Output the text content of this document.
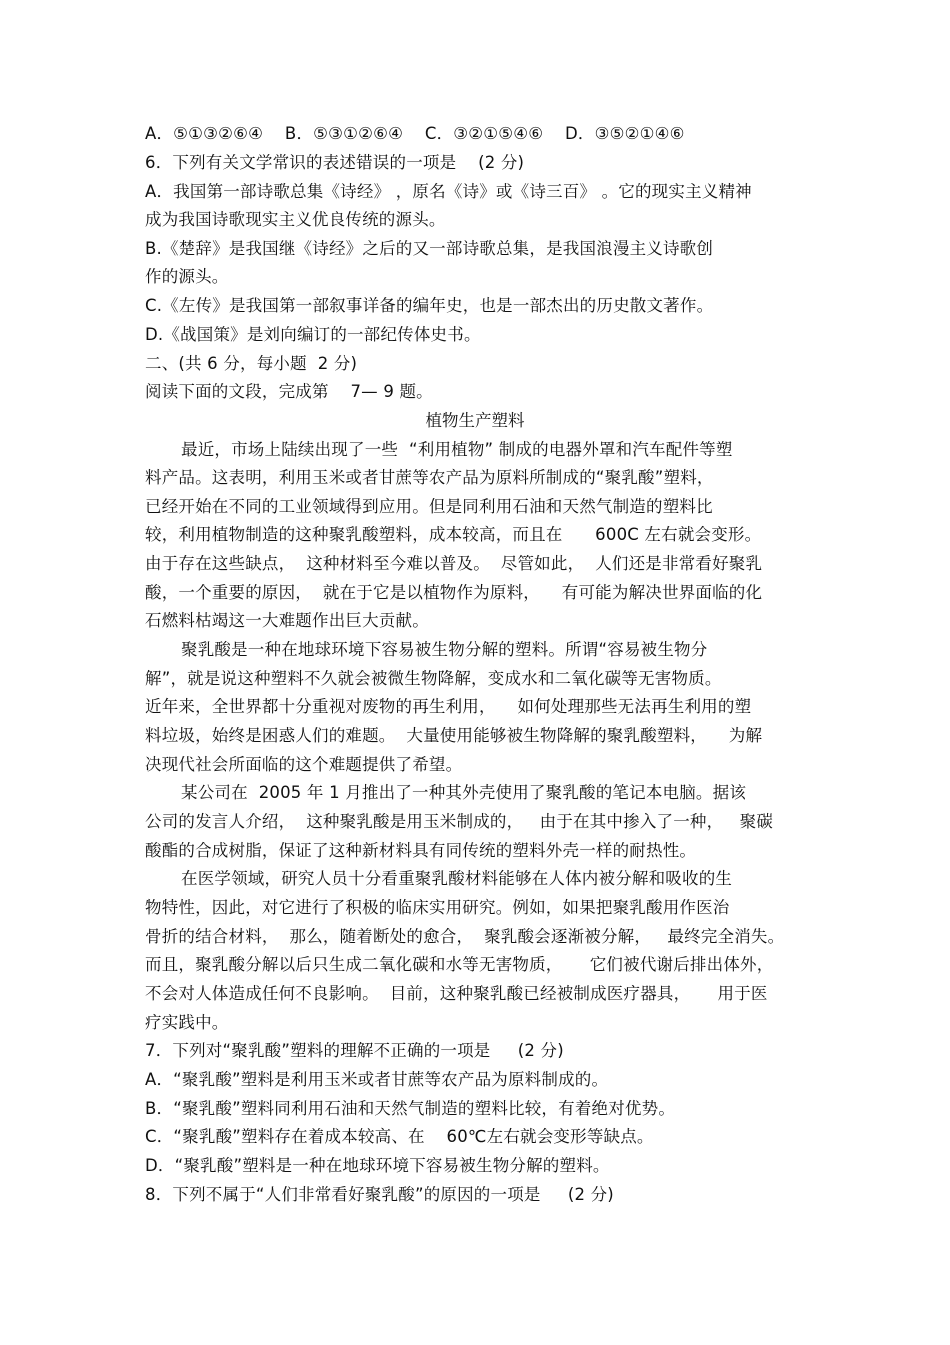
A．⑤①③②⑥④    B．⑤③①②⑥④    C．③②①⑤④⑥    D．③⑤②①④⑥
6．下列有关文学常识的表述错误的一项是    (2 分)
A．我国第一部诗歌总集《诗经》 ，原名《诗》或《诗三百》 。它的现实主义精神
成为我国诗歌现实主义优良传统的源头。
B.《楚辞》是我国继《诗经》之后的又一部诗歌总集，是我国浪漫主义诗歌创
作的源头。
C.《左传》是我国第一部叙事详备的编年史，也是一部杰出的历史散文著作。
D.《战国策》是刘向编订的一部纪传体史书。
二、(共 6 分，每小题  2 分)
阅读下面的文段，完成第    7— 9 题。
植物生产塑料
最近，市场上陆续出现了一些  “利用植物” 制成的电器外罩和汽车配件等塑
料产品。这表明，利用玉米或者甘蔗等农产品为原料所制成的“聚乳酸”塑料，
已经开始在不同的工业领域得到应用。但是同利用石油和天然气制造的塑料比
较，利用植物制造的这种聚乳酸塑料，成本较高，而且在      600C 左右就会变形。
由于存在这些缺点，  这种材料至今难以普及。  尽管如此，  人们还是非常看好聚乳
酸，一个重要的原因，  就在于它是以植物作为原料，    有可能为解决世界面临的化
石燃料枯竭这一大难题作出巨大贡献。
聚乳酸是一种在地球环境下容易被生物分解的塑料。所谓“容易被生物分
解”，就是说这种塑料不久就会被微生物降解，变成水和二氧化碳等无害物质。
近年来，全世界都十分重视对废物的再生利用，    如何处理那些无法再生利用的塑
料垃圾，始终是困惑人们的难题。  大量使用能够被生物降解的聚乳酸塑料，    为解
决现代社会所面临的这个难题提供了希望。
某公司在  2005 年 1 月推出了一种其外壳使用了聚乳酸的笔记本电脑。据该
公司的发言人介绍，  这种聚乳酸是用玉米制成的，   由于在其中掺入了一种，   聚碳
酸酯的合成树脂，保证了这种新材料具有同传统的塑料外壳一样的耐热性。
在医学领域，研究人员十分看重聚乳酸材料能够在人体内被分解和吸收的生
物特性，因此，对它进行了积极的临床实用研究。例如，如果把聚乳酸用作医治
骨折的结合材料，  那么，随着断处的愈合，  聚乳酸会逐渐被分解，   最终完全消失。
而且，聚乳酸分解以后只生成二氧化碳和水等无害物质，     它们被代谢后排出体外，
不会对人体造成任何不良影响。  目前，这种聚乳酸已经被制成医疗器具，     用于医
疗实践中。
7．下列对“聚乳酸”塑料的理解不正确的一项是     (2 分)
A．“聚乳酸”塑料是利用玉米或者甘蔗等农产品为原料制成的。
B．“聚乳酸”塑料同利用石油和天然气制造的塑料比较，有着绝对优势。
C．“聚乳酸”塑料存在着成本较高、在    60℃左右就会变形等缺点。
D．“聚乳酸”塑料是一种在地球环境下容易被生物分解的塑料。
8．下列不属于“人们非常看好聚乳酸”的原因的一项是     (2 分)
